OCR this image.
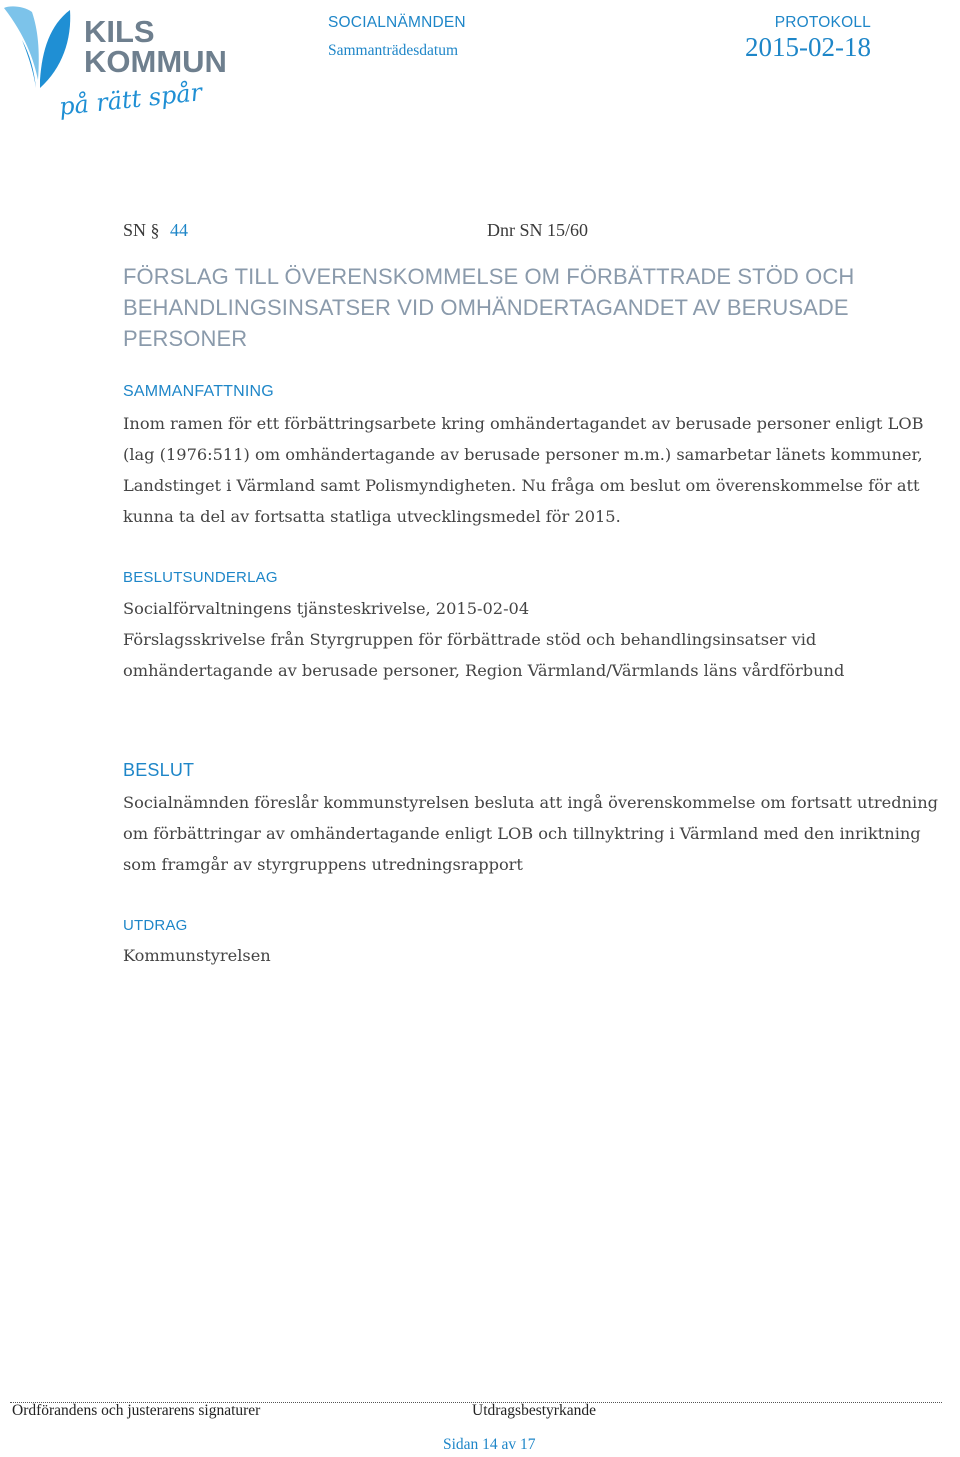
KILS
KOMMUN
på rätt spår
SOCIALNÄMNDEN
Sammanträdesdatum
PROTOKOLL
2015-02-18
SN § 44	Dnr SN 15/60
FÖRSLAG TILL ÖVERENSKOMMELSE OM FÖRBÄTTRADE STÖD OCH
BEHANDLINGSINSATSER VID OMHÄNDERTAGANDET AV BERUSADE
PERSONER
SAMMANFATTNING

Inom ramen för ett förbättringsarbete kring omhändertagandet av berusade personer enligt LOB

(lag (1976:511) om omhändertagande av berusade personer m.m.) samarbetar länets kommuner,

Landstinget i Värmland samt Polismyndigheten. Nu fråga om beslut om överenskommelse för att

kunna ta del av fortsatta statliga utvecklingsmedel för 2015.

BESLUTSUNDERLAG

Socialförvaltningens tjänsteskrivelse, 2015-02-04

Förslagsskrivelse från Styrgruppen för förbättrade stöd och behandlingsinsatser vid

omhändertagande av berusade personer, Region Värmland/Värmlands läns vårdförbund

BESLUT

Socialnämnden föreslår kommunstyrelsen besluta att ingå överenskommelse om fortsatt utredning

om förbättringar av omhändertagande enligt LOB och tillnyktring i Värmland med den inriktning

som framgår av styrgruppens utredningsrapport

UTDRAG
Kommunstyrelsen
Ordförandens och justerarens signaturer	Utdragsbestyrkande
Sidan 14 av 17
